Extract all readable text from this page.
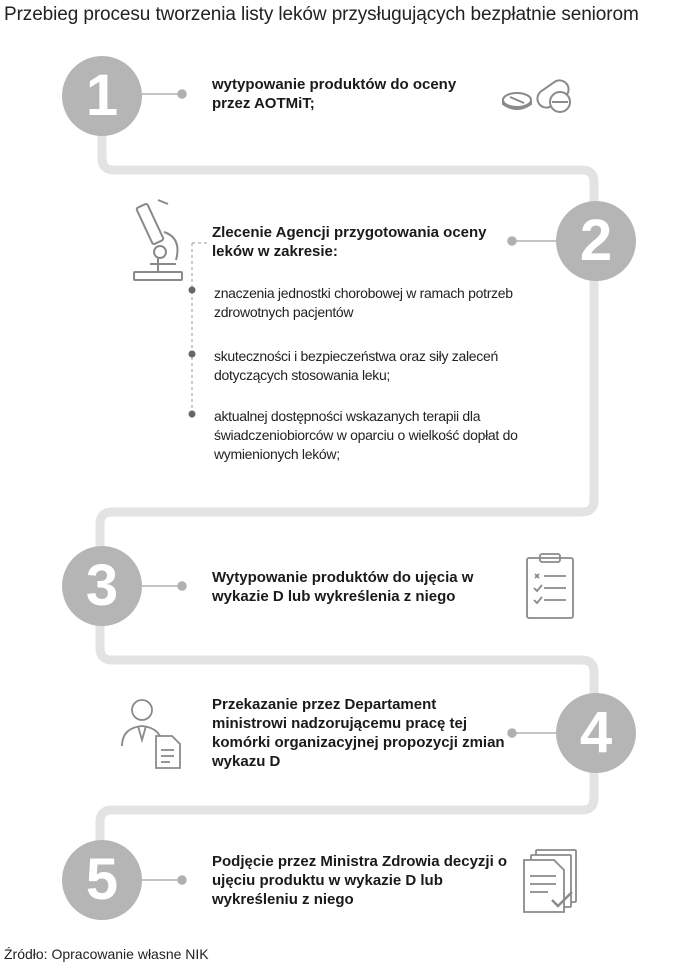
Przebieg procesu tworzenia listy leków przysługujących bezpłatnie seniorom
1
2
3
4
5
wytypowanie produktów do oceny przez AOTMiT;
Zlecenie Agencji przygotowania oceny leków w zakresie:
znaczenia jednostki chorobowej w ramach potrzeb zdrowotnych pacjentów
skuteczności i bezpieczeństwa oraz siły zaleceń dotyczących stosowania leku;
aktualnej dostępności wskazanych terapii dla świadczeniobiorców w oparciu o wielkość dopłat do wymienionych leków;
Wytypowanie produktów do ujęcia w wykazie D lub wykreślenia z niego
Przekazanie przez Departament ministrowi nadzorującemu pracę tej komórki organizacyjnej propozycji zmian wykazu D
Podjęcie przez Ministra Zdrowia decyzji o ujęciu produktu w wykazie D lub wykreśleniu z niego
Źródło: Opracowanie własne NIK
